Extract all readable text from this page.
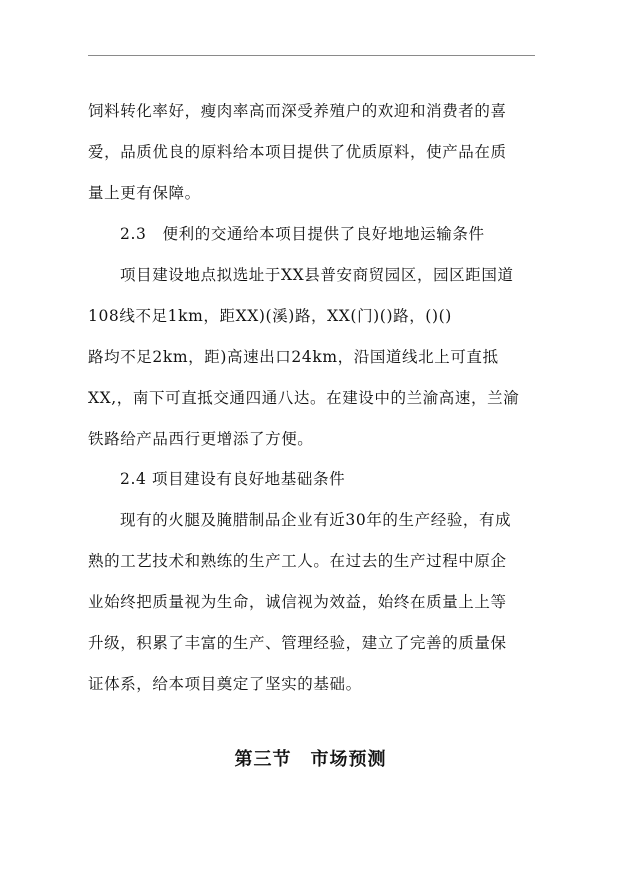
饲料转化率好，瘦肉率高而深受养殖户的欢迎和消费者的喜
爱，品质优良的原料给本项目提供了优质原料，使产品在质
量上更有保障。
2.3　便利的交通给本项目提供了良好地地运输条件
项目建设地点拟选址于XX县普安商贸园区，园区距国道
108线不足1km，距XX)(溪)路，XX(门)()路，()()
路均不足2km，距)高速出口24km，沿国道线北上可直抵
XX,，南下可直抵交通四通八达。在建设中的兰渝高速，兰渝
铁路给产品西行更增添了方便。
2.4 项目建设有良好地基础条件
现有的火腿及腌腊制品企业有近30年的生产经验，有成
熟的工艺技术和熟练的生产工人。在过去的生产过程中原企
业始终把质量视为生命，诚信视为效益，始终在质量上上等
升级，积累了丰富的生产、管理经验，建立了完善的质量保
证体系，给本项目奠定了坚实的基础。
第三节　市场预测
